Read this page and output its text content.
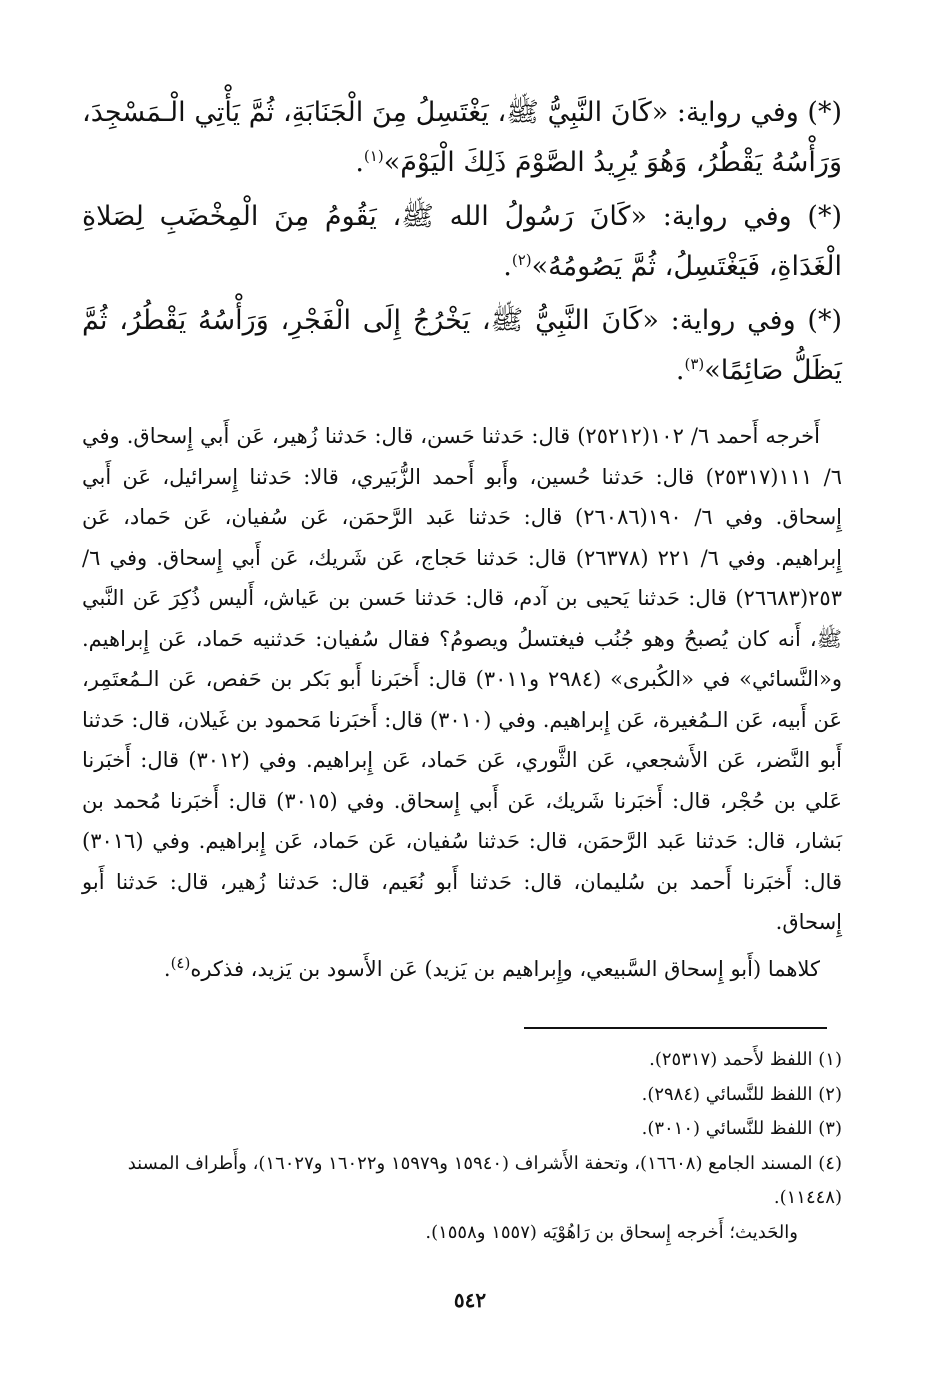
(*) وفي رواية: «كَانَ النَّبِيُّ ﷺ، يَغْتَسِلُ مِنَ الْجَنَابَةِ، ثُمَّ يَأْتِي الْـمَسْجِدَ، وَرَأْسُهُ يَقْطُرُ، وَهُوَ يُرِيدُ الصَّوْمَ ذَلِكَ الْيَوْمَ»$^{(١)}$.

(*) وفي رواية: «كَانَ رَسُولُ الله ﷺ، يَقُومُ مِنَ الْمِخْضَبِ لِصَلاةِ الْغَدَاةِ، فَيَغْتَسِلُ، ثُمَّ يَصُومُهُ»$^{(٢)}$.

(*) وفي رواية: «كَانَ النَّبِيُّ ﷺ، يَخْرُجُ إِلَى الْفَجْرِ، وَرَأْسُهُ يَقْطُرُ، ثُمَّ يَظَلُّ صَائِمًا»$^{(٣)}$.

أَخرجه أَحمد ٦/ ١٠٢(٢٥٢١٢) قال: حَدثنا حَسن، قال: حَدثنا زُهير، عَن أَبي إِسحاق. وفي ٦/ ١١١(٢٥٣١٧) قال: حَدثنا حُسين، وأَبو أَحمد الزُّبَيري، قالا: حَدثنا إِسرائيل، عَن أَبي إِسحاق. وفي ٦/ ١٩٠(٢٦٠٨٦) قال: حَدثنا عَبد الرَّحمَن، عَن سُفيان، عَن حَماد، عَن إِبراهيم. وفي ٦/ ٢٢١ (٢٦٣٧٨) قال: حَدثنا حَجاج، عَن شَريك، عَن أَبي إِسحاق. وفي ٦/ ٢٥٣(٢٦٦٨٣) قال: حَدثنا يَحيى بن آدم، قال: حَدثنا حَسن بن عَياش، أَليس ذُكِرَ عَن النَّبي ﷺ، أَنه كان يُصبحُ وهو جُنُب فيغتسلُ ويصومُ؟ فقال سُفيان: حَدثنيه حَماد، عَن إِبراهيم. و«النَّسائي» في «الكُبرى» (٢٩٨٤ و٣٠١١) قال: أَخبَرنا أَبو بَكر بن حَفص، عَن الـمُعتَمِر، عَن أَبيه، عَن الـمُغيرة، عَن إِبراهيم. وفي (٣٠١٠) قال: أَخبَرنا مَحمود بن غَيلان، قال: حَدثنا أَبو النَّضر، عَن الأَشجعي، عَن الثَّوري، عَن حَماد، عَن إِبراهيم. وفي (٣٠١٢) قال: أَخبَرنا عَلي بن حُجْر، قال: أَخبَرنا شَريك، عَن أَبي إِسحاق. وفي (٣٠١٥) قال: أَخبَرنا مُحمد بن بَشار، قال: حَدثنا عَبد الرَّحمَن، قال: حَدثنا سُفيان، عَن حَماد، عَن إِبراهيم. وفي (٣٠١٦) قال: أَخبَرنا أَحمد بن سُليمان، قال: حَدثنا أَبو نُعَيم، قال: حَدثنا زُهير، قال: حَدثنا أَبو إِسحاق.

كلاهما (أَبو إِسحاق السَّبيعي، وإِبراهيم بن يَزيد) عَن الأَسود بن يَزيد، فذكره$^{(٤)}$.

(١) اللفظ لأَحمد (٢٥٣١٧).

(٢) اللفظ للنَّسائي (٢٩٨٤).

(٣) اللفظ للنَّسائي (٣٠١٠).

(٤) المسند الجامع (١٦٦٠٨)، وتحفة الأَشراف (١٥٩٤٠ و١٥٩٧٩ و١٦٠٢٢ و١٦٠٢٧)، وأَطراف المسند (١١٤٤٨).

والحَديث؛ أَخرجه إِسحاق بن رَاهُوْيَه (١٥٥٧ و١٥٥٨).

٥٤٢
